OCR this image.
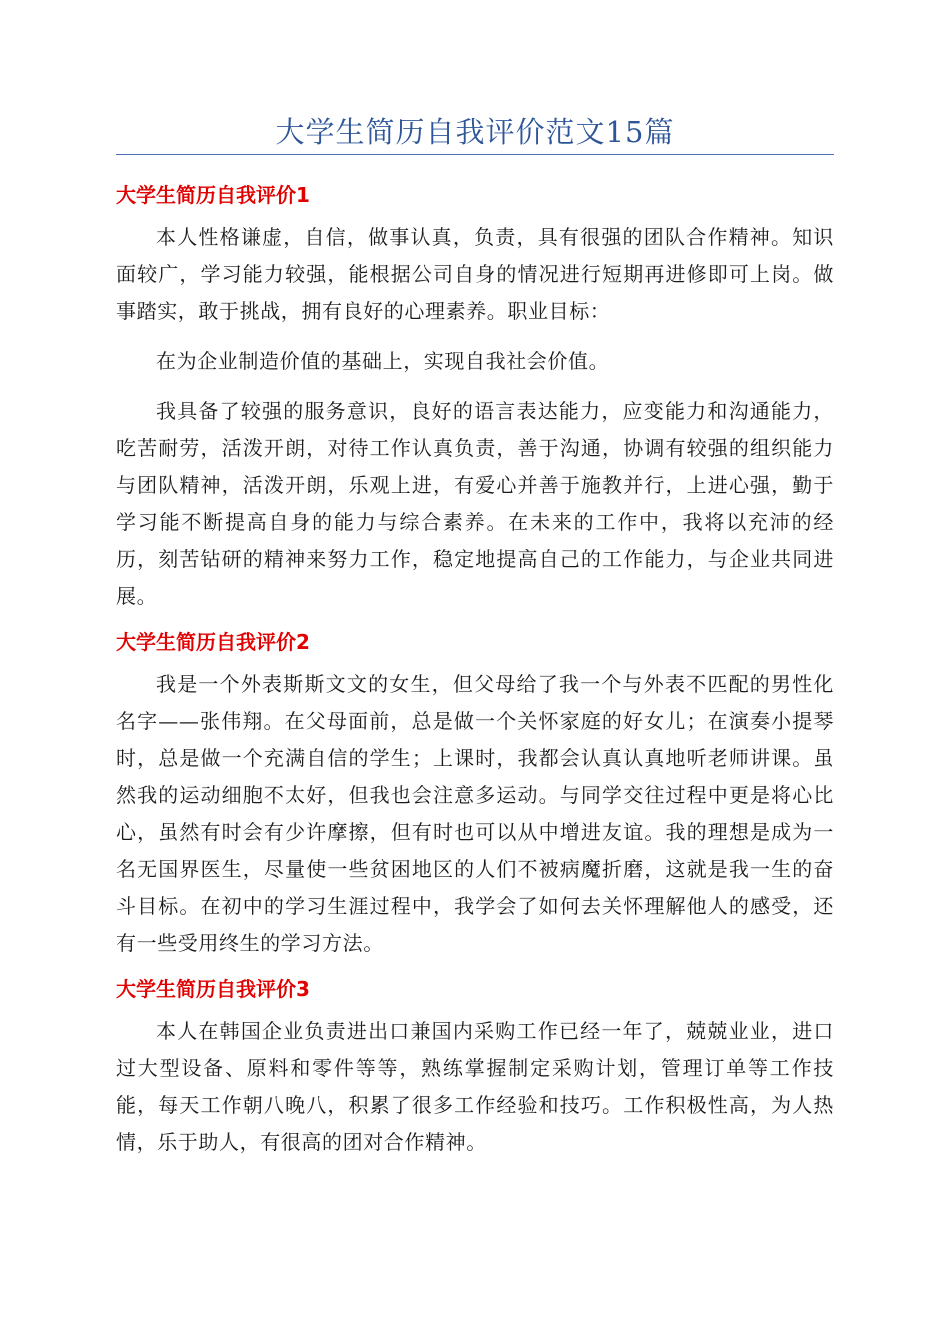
大学生简历自我评价范文15篇
大学生简历自我评价1

本人性格谦虚，自信，做事认真，负责，具有很强的团队合作精神。知识面较广，学习能力较强，能根据公司自身的情况进行短期再进修即可上岗。做事踏实，敢于挑战，拥有良好的心理素养。职业目标：

在为企业制造价值的基础上，实现自我社会价值。

我具备了较强的服务意识，良好的语言表达能力，应变能力和沟通能力，吃苦耐劳，活泼开朗，对待工作认真负责，善于沟通，协调有较强的组织能力与团队精神，活泼开朗，乐观上进，有爱心并善于施教并行，上进心强，勤于学习能不断提高自身的能力与综合素养。在未来的工作中，我将以充沛的经历，刻苦钻研的精神来努力工作，稳定地提高自己的工作能力，与企业共同进展。

大学生简历自我评价2

我是一个外表斯斯文文的女生，但父母给了我一个与外表不匹配的男性化名字——张伟翔。在父母面前，总是做一个关怀家庭的好女儿；在演奏小提琴时，总是做一个充满自信的学生；上课时，我都会认真认真地听老师讲课。虽然我的运动细胞不太好，但我也会注意多运动。与同学交往过程中更是将心比心，虽然有时会有少许摩擦，但有时也可以从中增进友谊。我的理想是成为一名无国界医生，尽量使一些贫困地区的人们不被病魔折磨，这就是我一生的奋斗目标。在初中的学习生涯过程中，我学会了如何去关怀理解他人的感受，还有一些受用终生的学习方法。

大学生简历自我评价3

本人在韩国企业负责进出口兼国内采购工作已经一年了，兢兢业业，进口过大型设备、原料和零件等等，熟练掌握制定采购计划，管理订单等工作技能，每天工作朝八晚八，积累了很多工作经验和技巧。工作积极性高，为人热情，乐于助人，有很高的团对合作精神。
